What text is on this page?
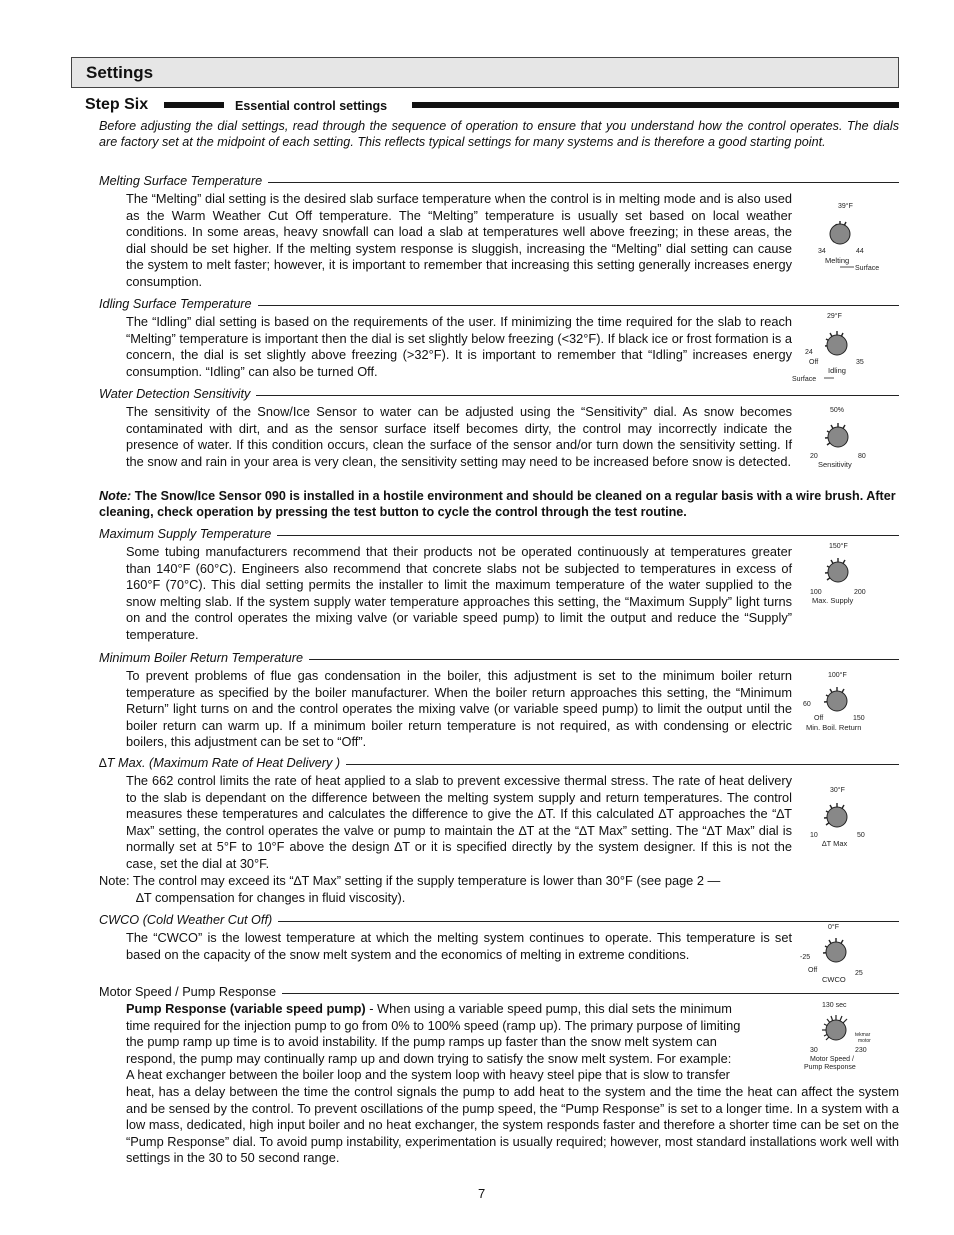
Settings
Step Six	Essential control settings
Before adjusting the dial settings, read through the sequence of operation to ensure that you understand how the control operates. The dials are factory set at the midpoint of each setting. This reflects typical settings for many systems and is therefore a good starting point.
Melting Surface Temperature
The “Melting” dial setting is the desired slab surface temperature when the control is in melting mode and is also used as the Warm Weather Cut Off temperature. The “Melting” temperature is usually set based on local weather conditions. In some areas, heavy snowfall can load a slab at temperatures well above freezing; in these areas, the dial should be set higher. If the melting system response is sluggish, increasing the “Melting” dial setting can cause the system to melt faster; however, it is important to remember that increasing this setting generally increases energy consumption.
39°F
34	44
Melting
Surface
Idling Surface Temperature
The “Idling” dial setting is based on the requirements of the user. If minimizing the time required for the slab to reach “Melting” temperature is important then the dial is set slightly below freezing (<32°F). If black ice or frost formation is a concern, the dial is set slightly above freezing (>32°F). It is important to remember that “Idling” increases energy consumption. “Idling” can also be turned Off.
29°F
24
Off	35
Idling
Surface
Water Detection Sensitivity
The sensitivity of the Snow/Ice Sensor to water can be adjusted using the “Sensitivity” dial. As snow becomes contaminated with dirt, and as the sensor surface itself becomes dirty, the control may incorrectly indicate the presence of water. If this condition occurs, clean the surface of the sensor and/or turn down the sensitivity setting. If the snow and rain in your area is very clean, the sensitivity setting may need to be increased before snow is detected.
50%
20	80
Sensitivity
Note: The Snow/Ice Sensor 090 is installed in a hostile environment and should be cleaned on a regular basis with a wire brush. After cleaning, check operation by pressing the test button to cycle the control through the test routine.
Maximum Supply Temperature
Some tubing manufacturers recommend that their products not be operated continuously at temperatures greater than 140°F (60°C). Engineers also recommend that concrete slabs not be subjected to temperatures in excess of 160°F (70°C). This dial setting permits the installer to limit the maximum temperature of the water supplied to the snow melting slab. If the system supply water temperature approaches this setting, the “Maximum Supply” light turns on and the control operates the mixing valve (or variable speed pump) to limit the output and reduce the “Supply” temperature.
150°F
100	200
Max. Supply
Minimum Boiler Return Temperature
To prevent problems of flue gas condensation in the boiler, this adjustment is set to the minimum boiler return temperature as specified by the boiler manufacturer. When the boiler return approaches this setting, the “Minimum Return” light turns on and the control operates the mixing valve (or variable speed pump) to limit the output until the boiler return can warm up. If a minimum boiler return temperature is not required, as with condensing or electric boilers, this adjustment can be set to “Off”.
100°F
60
Off	150
Min. Boil. Return
∆T Max. (Maximum Rate of Heat Delivery )
The 662 control limits the rate of heat applied to a slab to prevent excessive thermal stress. The rate of heat delivery to the slab is dependant on the difference between the melting system supply and return temperatures. The control measures these temperatures and calculates the difference to give the ∆T. If this calculated ∆T approaches the “∆T Max” setting, the control operates the valve or pump to maintain the ∆T at the “∆T Max” setting. The “∆T Max” dial is normally set at 5°F to 10°F above the design ∆T or it is specified directly by the system designer. If this is not the case, set the dial at 30°F.
Note: The control may exceed its “∆T Max” setting if the supply temperature is lower than 30°F (see page 2 —
∆T compensation for changes in fluid viscosity).
30°F
10	50
∆T Max
CWCO (Cold Weather Cut Off)
The “CWCO” is the lowest temperature at which the melting system continues to operate. This temperature is set based on the capacity of the snow melt system and the economics of melting in extreme conditions.
0°F
-25
Off	25
CWCO
Motor Speed / Pump Response
Pump Response (variable speed pump) - When using a variable speed pump, this dial sets the minimum
time required for the injection pump to go from 0% to 100% speed (ramp up). The primary purpose of limiting
the pump ramp up time is to avoid instability. If the pump ramps up faster than the snow melt system can
respond, the pump may continually ramp up and down trying to satisfy the snow melt system. For example:
A heat exchanger between the boiler loop and the system loop with heavy steel pipe that is slow to transfer
heat, has a delay between the time the control signals the pump to add heat to the system and the time the heat can affect the system and be sensed by the control. To prevent oscillations of the pump speed, the “Pump Response” is set to a longer time. In a system with a low mass, dedicated, high input boiler and no heat exchanger, the system responds faster and therefore a shorter time can be set on the “Pump Response” dial. To avoid pump instability, experimentation is usually required; however, most standard installations work well with settings in the 30 to 50 second range.
130 sec
tekmar
motor
30	230
Motor Speed /
Pump Response
7
